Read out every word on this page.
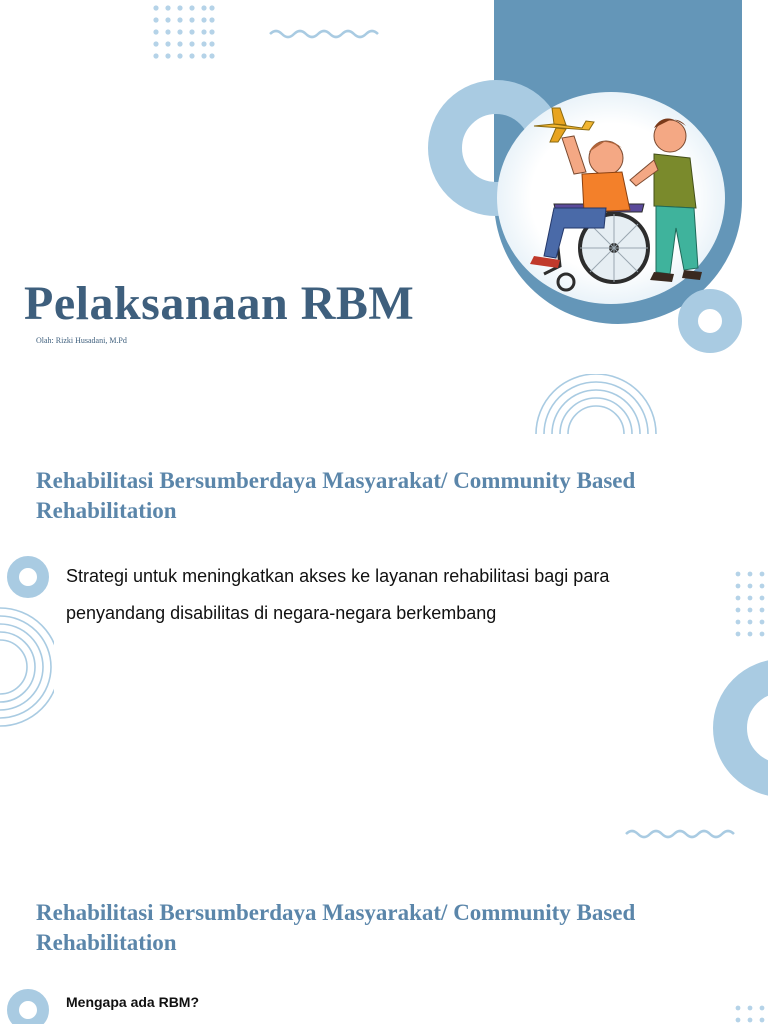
Pelaksanaan RBM
Olah: Rizki Husadani, M.Pd
Rehabilitasi Bersumberdaya Masyarakat/ Community Based Rehabilitation
Strategi untuk meningkatkan akses ke layanan rehabilitasi bagi para penyandang disabilitas di negara-negara berkembang
Rehabilitasi Bersumberdaya Masyarakat/ Community Based Rehabilitation
Mengapa ada RBM?
